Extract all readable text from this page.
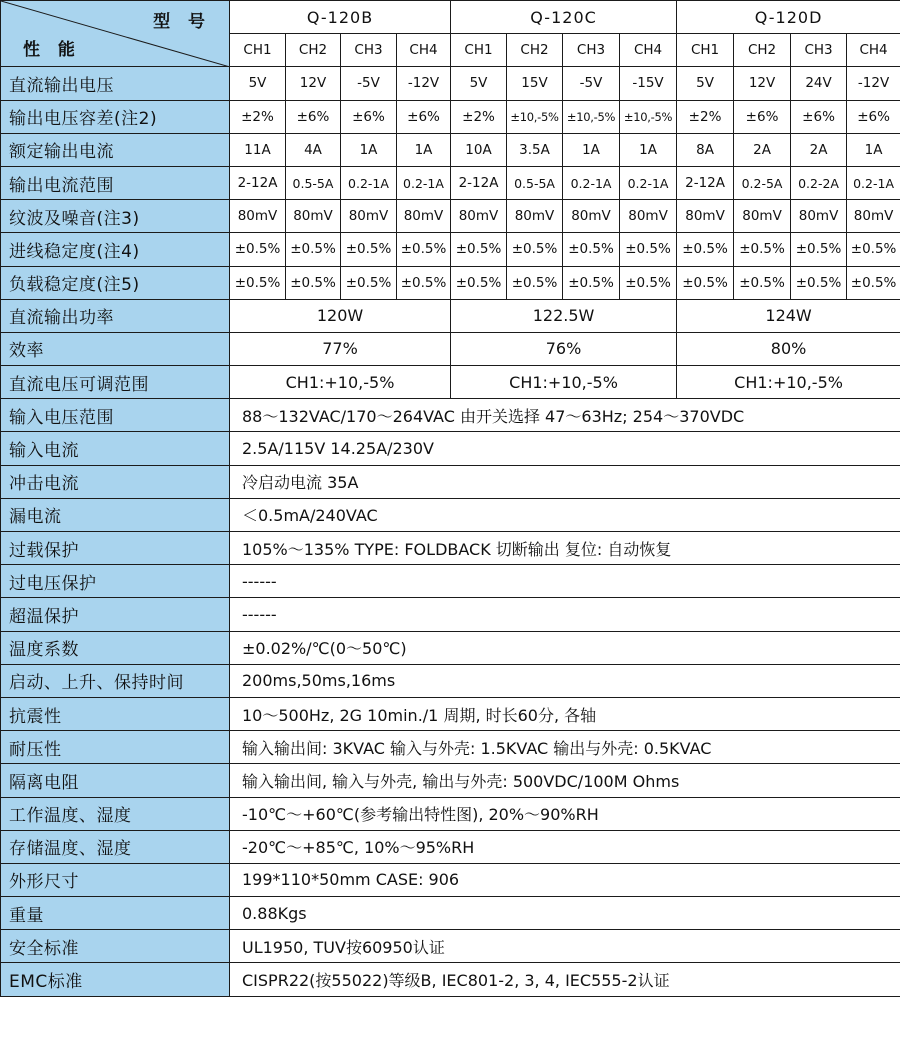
型 号
性 能	Q-120B				Q-120C				Q-120D			
	CH1	CH2	CH3	CH4	CH1	CH2	CH3	CH4	CH1	CH2	CH3	CH4
直流输出电压	5V	12V	-5V	-12V	5V	15V	-5V	-15V	5V	12V	24V	-12V
输出电压容差(注2)	±2%	±6%	±6%	±6%	±2%	±10,-5%	±10,-5%	±10,-5%	±2%	±6%	±6%	±6%
额定输出电流	11A	4A	1A	1A	10A	3.5A	1A	1A	8A	2A	2A	1A
输出电流范围	2-12A	0.5-5A	0.2-1A	0.2-1A	2-12A	0.5-5A	0.2-1A	0.2-1A	2-12A	0.2-5A	0.2-2A	0.2-1A
纹波及噪音(注3)	80mV	80mV	80mV	80mV	80mV	80mV	80mV	80mV	80mV	80mV	80mV	80mV
进线稳定度(注4)	±0.5%	±0.5%	±0.5%	±0.5%	±0.5%	±0.5%	±0.5%	±0.5%	±0.5%	±0.5%	±0.5%	±0.5%
负载稳定度(注5)	±0.5%	±0.5%	±0.5%	±0.5%	±0.5%	±0.5%	±0.5%	±0.5%	±0.5%	±0.5%	±0.5%	±0.5%
直流输出功率	120W				122.5W				124W			
效率	77%				76%				80%			
直流电压可调范围	CH1:+10,-5%				CH1:+10,-5%				CH1:+10,-5%			
输入电压范围	88～132VAC/170～264VAC 由开关选择 47～63Hz; 254～370VDC											
输入电流	2.5A/115V 14.25A/230V											
冲击电流	冷启动电流 35A											
漏电流	＜0.5mA/240VAC											
过载保护	105%～135% TYPE: FOLDBACK 切断输出 复位: 自动恢复											
过电压保护	------											
超温保护	------											
温度系数	±0.02%/℃(0～50℃)											
启动、上升、保持时间	200ms,50ms,16ms											
抗震性	10～500Hz, 2G 10min./1 周期, 时长60分, 各轴											
耐压性	输入输出间: 3KVAC 输入与外壳: 1.5KVAC 输出与外壳: 0.5KVAC											
隔离电阻	输入输出间, 输入与外壳, 输出与外壳: 500VDC/100M Ohms											
工作温度、湿度	-10℃～+60℃(参考输出特性图), 20%～90%RH											
存储温度、湿度	-20℃～+85℃, 10%～95%RH											
外形尺寸	199*110*50mm CASE: 906											
重量	0.88Kgs											
安全标准	UL1950, TUV按60950认证											
EMC标准	CISPR22(按55022)等级B, IEC801-2, 3, 4, IEC555-2认证											
